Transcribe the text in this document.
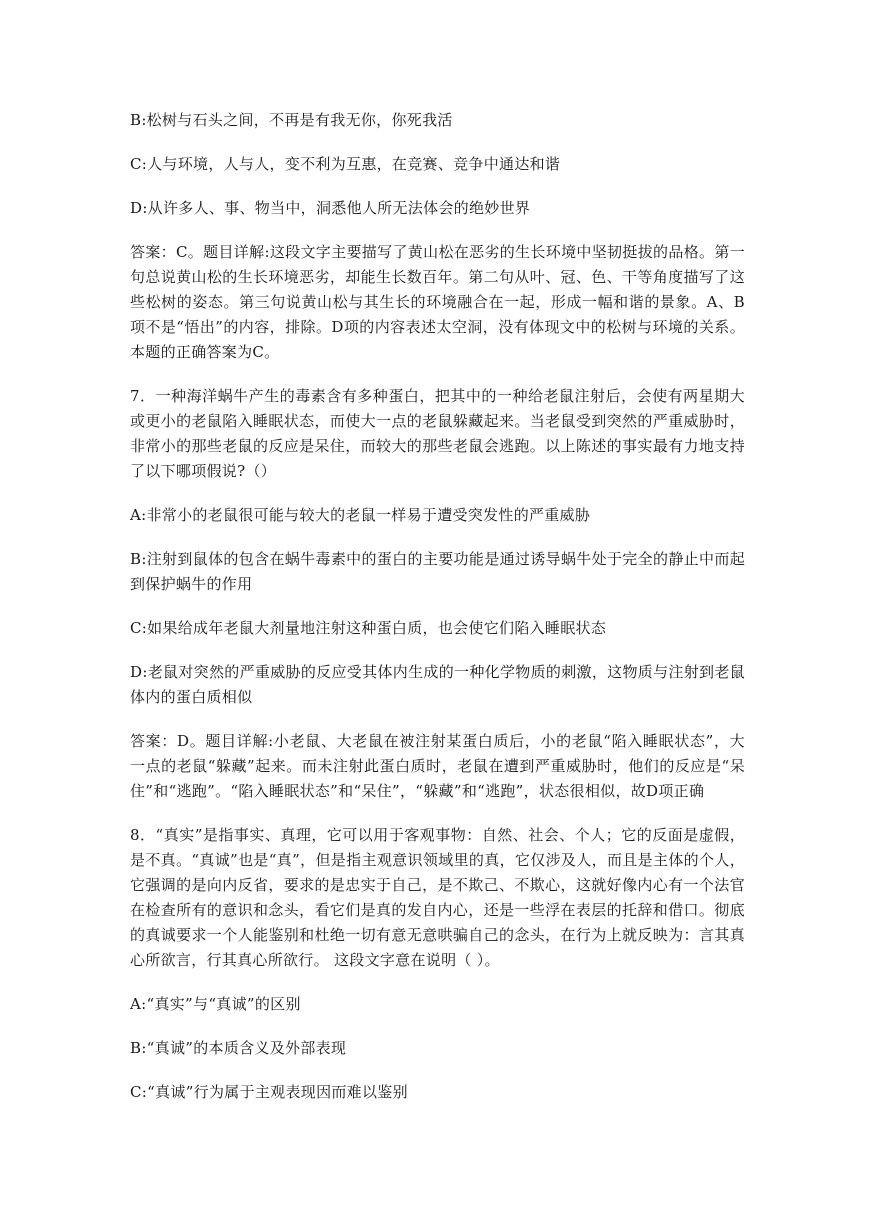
B:松树与石头之间，不再是有我无你，你死我活

C:人与环境，人与人，变不利为互惠，在竞赛、竞争中通达和谐

D:从许多人、事、物当中，洞悉他人所无法体会的绝妙世界

答案：C。题目详解:这段文字主要描写了黄山松在恶劣的生长环境中坚韧挺拔的品格。第一句总说黄山松的生长环境恶劣，却能生长数百年。第二句从叶、冠、色、干等角度描写了这些松树的姿态。第三句说黄山松与其生长的环境融合在一起，形成一幅和谐的景象。A、B项不是“悟出”的内容，排除。D项的内容表述太空洞，没有体现文中的松树与环境的关系。本题的正确答案为C。

7．一种海洋蜗牛产生的毒素含有多种蛋白，把其中的一种给老鼠注射后，会使有两星期大或更小的老鼠陷入睡眠状态，而使大一点的老鼠躲藏起来。当老鼠受到突然的严重威胁时，非常小的那些老鼠的反应是呆住，而较大的那些老鼠会逃跑。以上陈述的事实最有力地支持了以下哪项假说?（）

A:非常小的老鼠很可能与较大的老鼠一样易于遭受突发性的严重威胁

B:注射到鼠体的包含在蜗牛毒素中的蛋白的主要功能是通过诱导蜗牛处于完全的静止中而起到保护蜗牛的作用

C:如果给成年老鼠大剂量地注射这种蛋白质，也会使它们陷入睡眠状态

D:老鼠对突然的严重威胁的反应受其体内生成的一种化学物质的刺激，这物质与注射到老鼠体内的蛋白质相似

答案：D。题目详解:小老鼠、大老鼠在被注射某蛋白质后，小的老鼠“陷入睡眠状态”，大一点的老鼠“躲藏”起来。而未注射此蛋白质时，老鼠在遭到严重威胁时，他们的反应是“呆住”和“逃跑”。“陷入睡眠状态”和“呆住”，“躲藏”和“逃跑”，状态很相似，故D项正确

8．“真实”是指事实、真理，它可以用于客观事物：自然、社会、个人；它的反面是虚假，是不真。“真诚”也是“真”，但是指主观意识领域里的真，它仅涉及人，而且是主体的个人，它强调的是向内反省，要求的是忠实于自己，是不欺己、不欺心，这就好像内心有一个法官在检查所有的意识和念头，看它们是真的发自内心，还是一些浮在表层的托辞和借口。彻底的真诚要求一个人能鉴别和杜绝一切有意无意哄骗自己的念头，在行为上就反映为：言其真心所欲言，行其真心所欲行。 这段文字意在说明（ ）。

A:“真实”与“真诚”的区别

B:“真诚”的本质含义及外部表现

C:“真诚”行为属于主观表现因而难以鉴别
